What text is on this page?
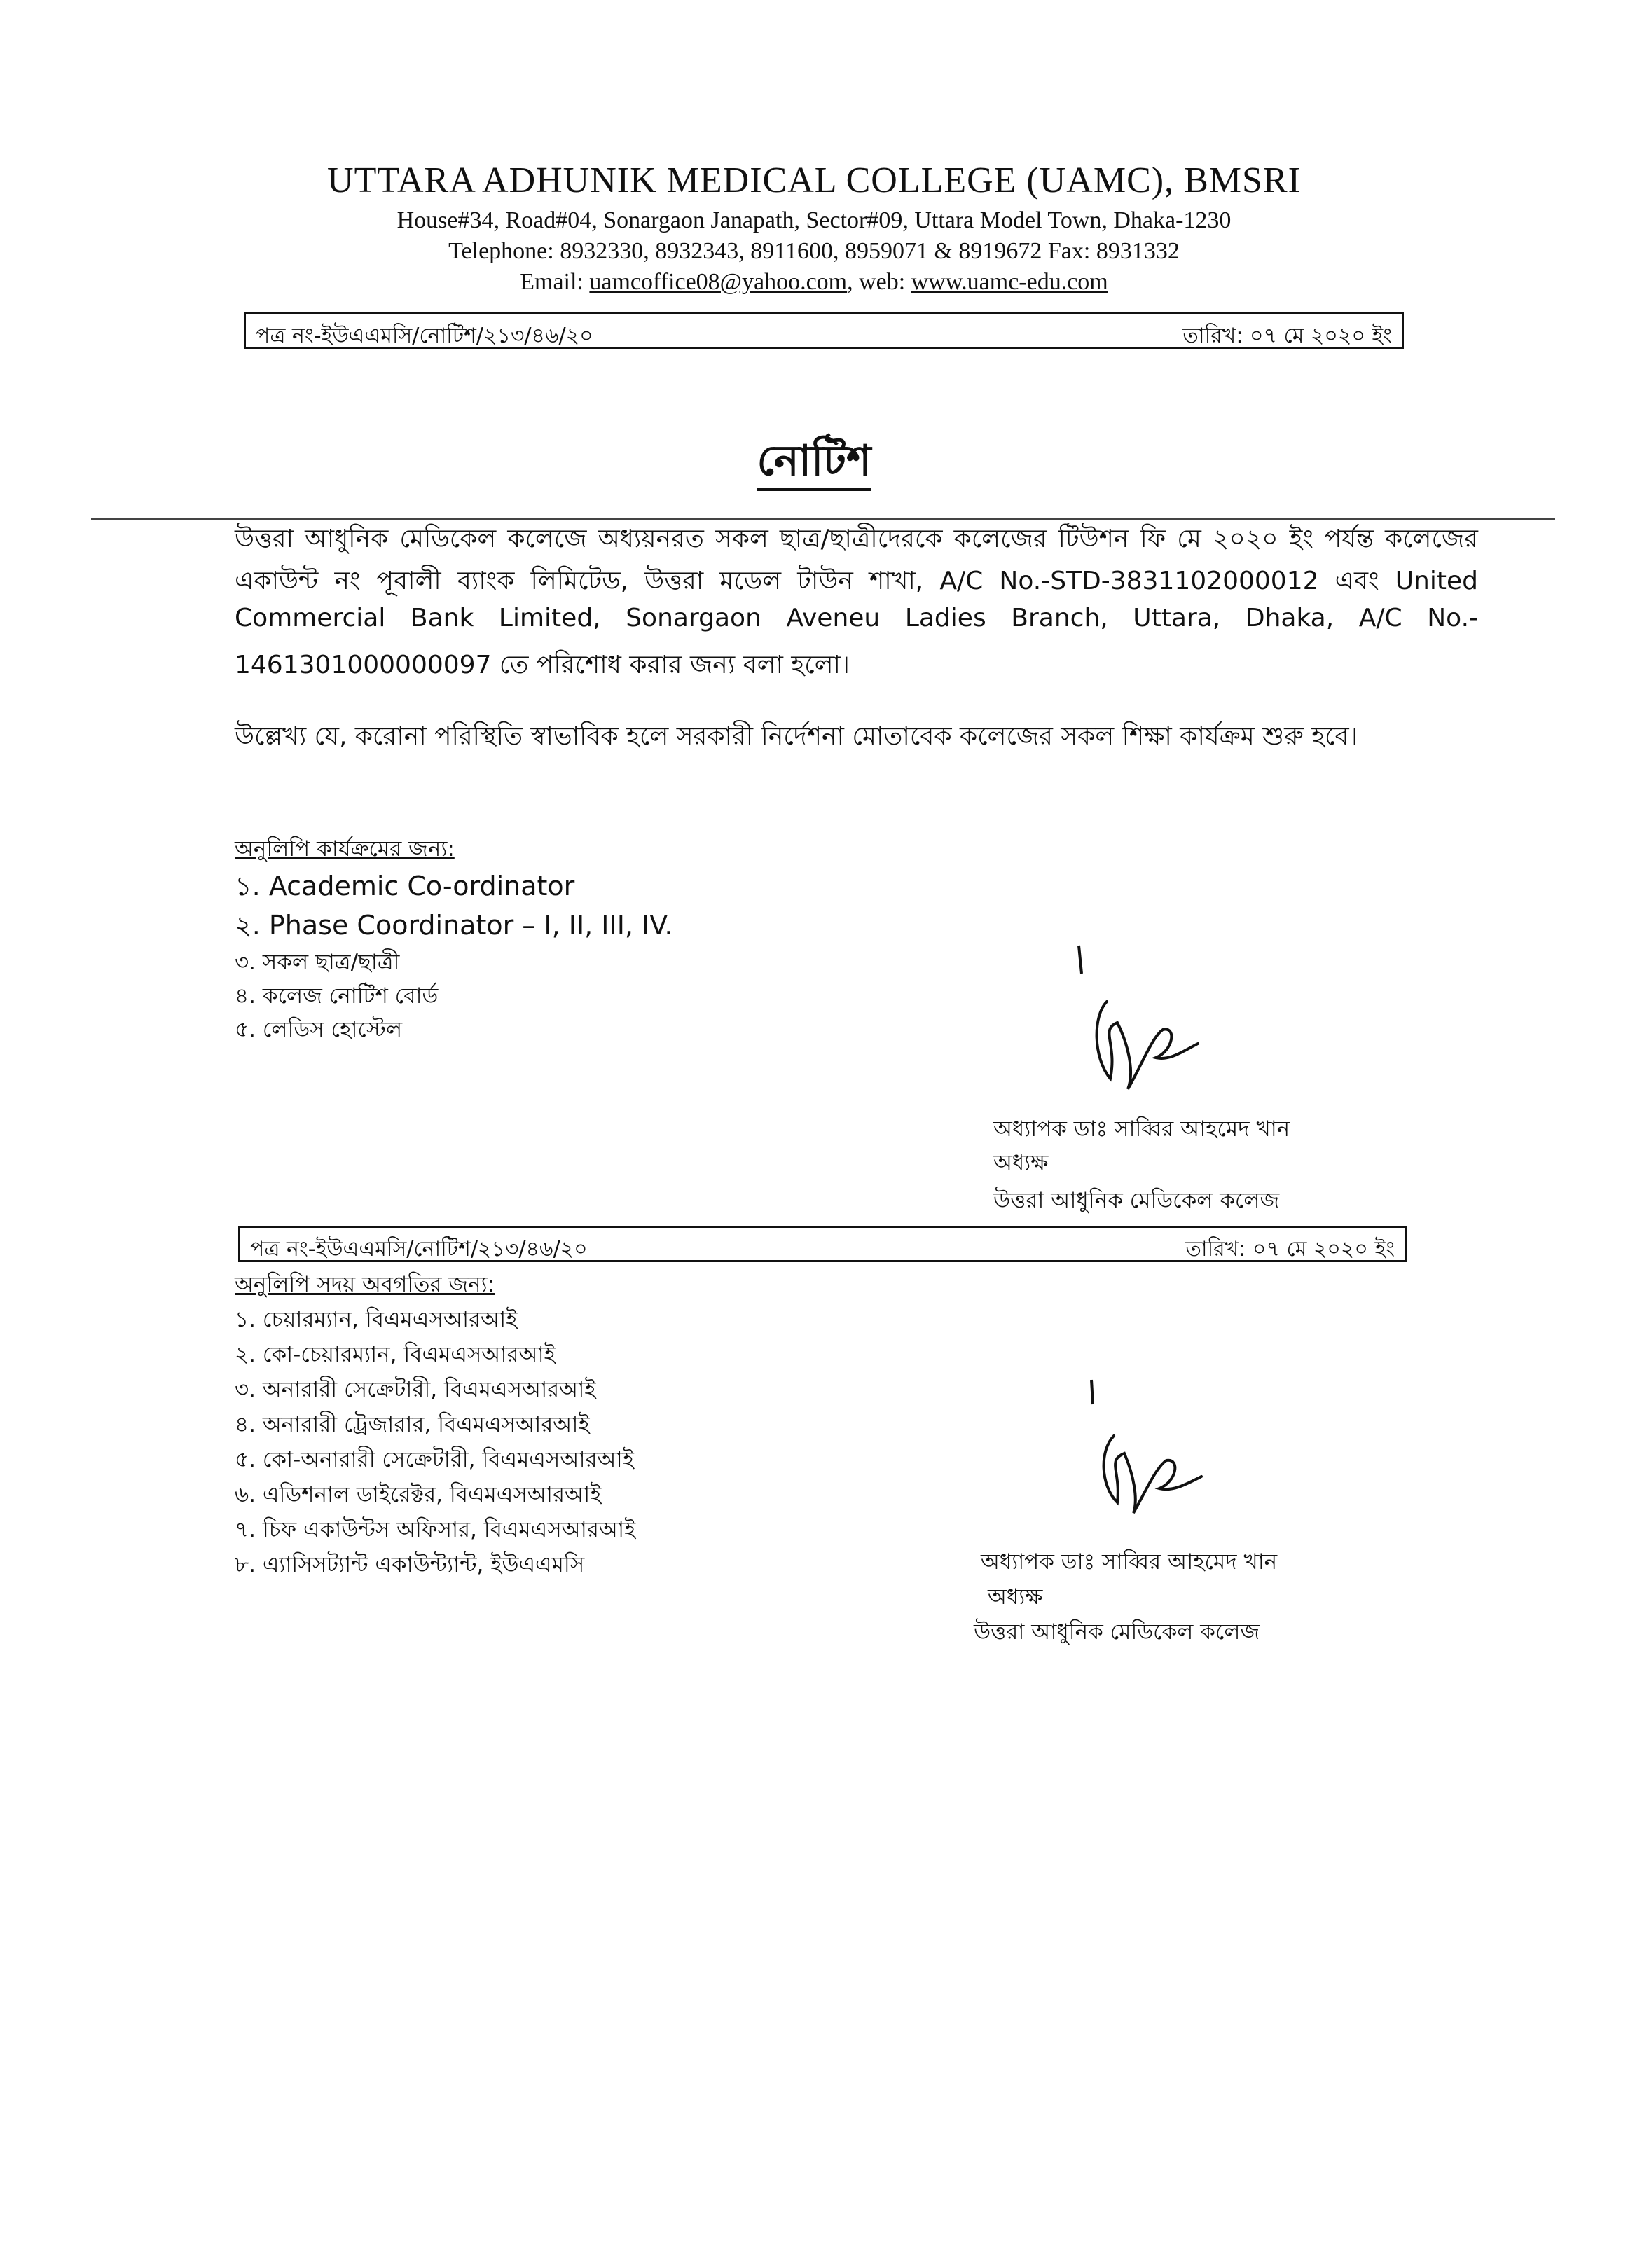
UTTARA ADHUNIK MEDICAL COLLEGE (UAMC), BMSRI
House#34, Road#04, Sonargaon Janapath, Sector#09, Uttara Model Town, Dhaka-1230
Telephone: 8932330, 8932343, 8911600, 8959071 & 8919672 Fax: 8931332
Email: uamcoffice08@yahoo.com, web: www.uamc-edu.com
পত্র নং-ইউএএমসি/নোটিশ/২১৩/৪৬/২০	তারিখ: ০৭ মে ২০২০ ইং
নোটিশ
উত্তরা আধুনিক মেডিকেল কলেজে অধ্যয়নরত সকল ছাত্র/ছাত্রীদেরকে কলেজের টিউশন ফি মে ২০২০ ইং পর্যন্ত কলেজের
একাউন্ট নং পূবালী ব্যাংক লিমিটেড, উত্তরা মডেল টাউন শাখা, A/C No.-STD-3831102000012 এবং United
Commercial Bank Limited, Sonargaon Aveneu Ladies Branch, Uttara, Dhaka, A/C No.-
1461301000000097 তে পরিশোধ করার জন্য বলা হলো।
উল্লেখ্য যে, করোনা পরিস্থিতি স্বাভাবিক হলে সরকারী নির্দেশনা মোতাবেক কলেজের সকল শিক্ষা কার্যক্রম শুরু হবে।
অনুলিপি কার্যক্রমের জন্য:
১. Academic Co-ordinator
২. Phase Coordinator – I, II, III, IV.
৩. সকল ছাত্র/ছাত্রী
৪. কলেজ নোটিশ বোর্ড
৫. লেডিস হোস্টেল
অধ্যাপক ডাঃ সাব্বির আহমেদ খান
অধ্যক্ষ
উত্তরা আধুনিক মেডিকেল কলেজ
পত্র নং-ইউএএমসি/নোটিশ/২১৩/৪৬/২০	তারিখ: ০৭ মে ২০২০ ইং
অনুলিপি সদয় অবগতির জন্য:
১. চেয়ারম্যান, বিএমএসআরআই
২. কো-চেয়ারম্যান, বিএমএসআরআই
৩. অনারারী সেক্রেটারী, বিএমএসআরআই
৪. অনারারী ট্রেজারার, বিএমএসআরআই
৫. কো-অনারারী সেক্রেটারী, বিএমএসআরআই
৬. এডিশনাল ডাইরেক্টর, বিএমএসআরআই
৭. চিফ একাউন্টস অফিসার, বিএমএসআরআই
৮. এ্যাসিসট্যান্ট একাউন্ট্যান্ট, ইউএএমসি	অধ্যাপক ডাঃ সাব্বির আহমেদ খান
অধ্যক্ষ
উত্তরা আধুনিক মেডিকেল কলেজ
